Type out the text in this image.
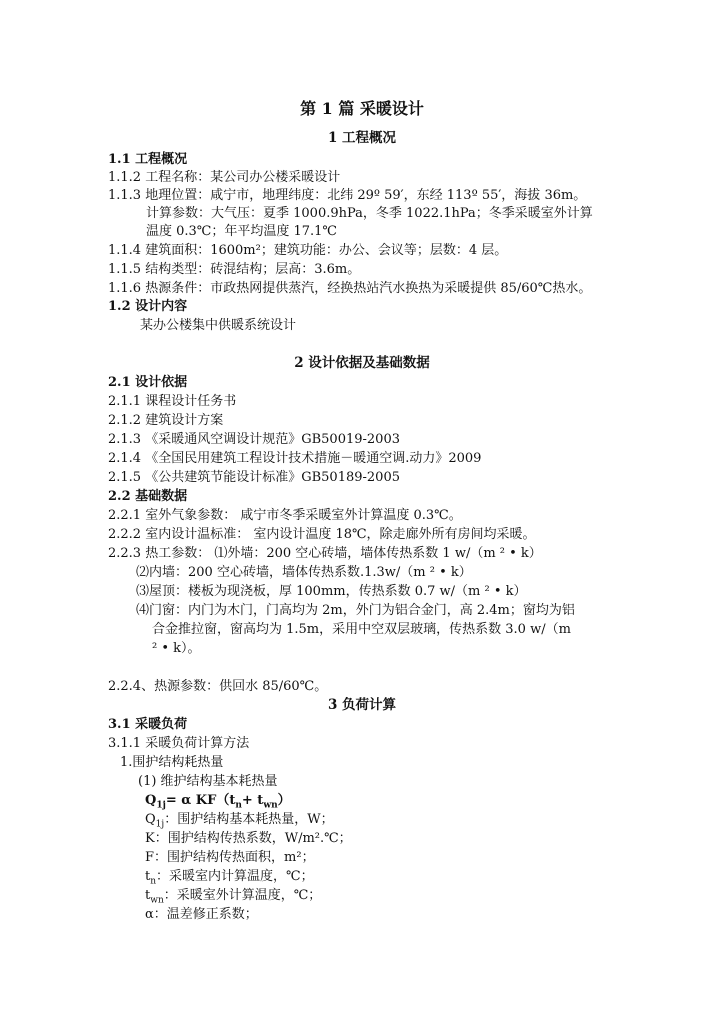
第 1 篇 采暖设计
1 工程概况
1.1 工程概况
1.1.2 工程名称：某公司办公楼采暖设计
1.1.3 地理位置：咸宁市，地理纬度：北纬 29º 59′，东经 113º 55′，海拔 36m。
计算参数：大气压：夏季 1000.9hPa，冬季 1022.1hPa；冬季采暖室外计算
温度 0.3℃；年平均温度 17.1℃
1.1.4 建筑面积：1600m²；建筑功能：办公、会议等；层数：4 层。
1.1.5 结构类型：砖混结构；层高：3.6m。
1.1.6 热源条件：市政热网提供蒸汽，经换热站汽水换热为采暖提供 85/60℃热水。
1.2 设计内容
某办公楼集中供暖系统设计
2 设计依据及基础数据
2.1 设计依据
2.1.1 课程设计任务书
2.1.2 建筑设计方案
2.1.3 《采暖通风空调设计规范》GB50019-2003
2.1.4 《全国民用建筑工程设计技术措施－暖通空调.动力》2009
2.1.5 《公共建筑节能设计标准》GB50189-2005
2.2 基础数据
2.2.1 室外气象参数： 咸宁市冬季采暖室外计算温度 0.3℃。
2.2.2 室内设计温标准： 室内设计温度 18℃，除走廊外所有房间均采暖。
2.2.3 热工参数： ⑴外墙：200 空心砖墙，墙体传热系数 1 w/（m ² • k）
⑵内墙：200 空心砖墙，墙体传热系数.1.3w/（m ² • k）
⑶屋顶：楼板为现浇板，厚 100mm，传热系数 0.7 w/（m ² • k）
⑷门窗：内门为木门，门高均为 2m，外门为铝合金门，高 2.4m；窗均为铝
合金推拉窗，窗高均为 1.5m，采用中空双层玻璃，传热系数 3.0 w/（m
² • k）。
2.2.4、热源参数：供回水 85/60℃。
3 负荷计算
3.1 采暖负荷
3.1.1 采暖负荷计算方法
1.围护结构耗热量
(1) 维护结构基本耗热量
$Q_{1j}= \alpha$ $KF(t_n+ t_{wn})$
$Q_{1j}$：围护结构基本耗热量，W；
K：围护结构传热系数，W/m².℃；
F：围护结构传热面积，m²；
$t_n$：采暖室内计算温度，℃；
$t_{wn}$：采暖室外计算温度，℃；
α：温差修正系数；
